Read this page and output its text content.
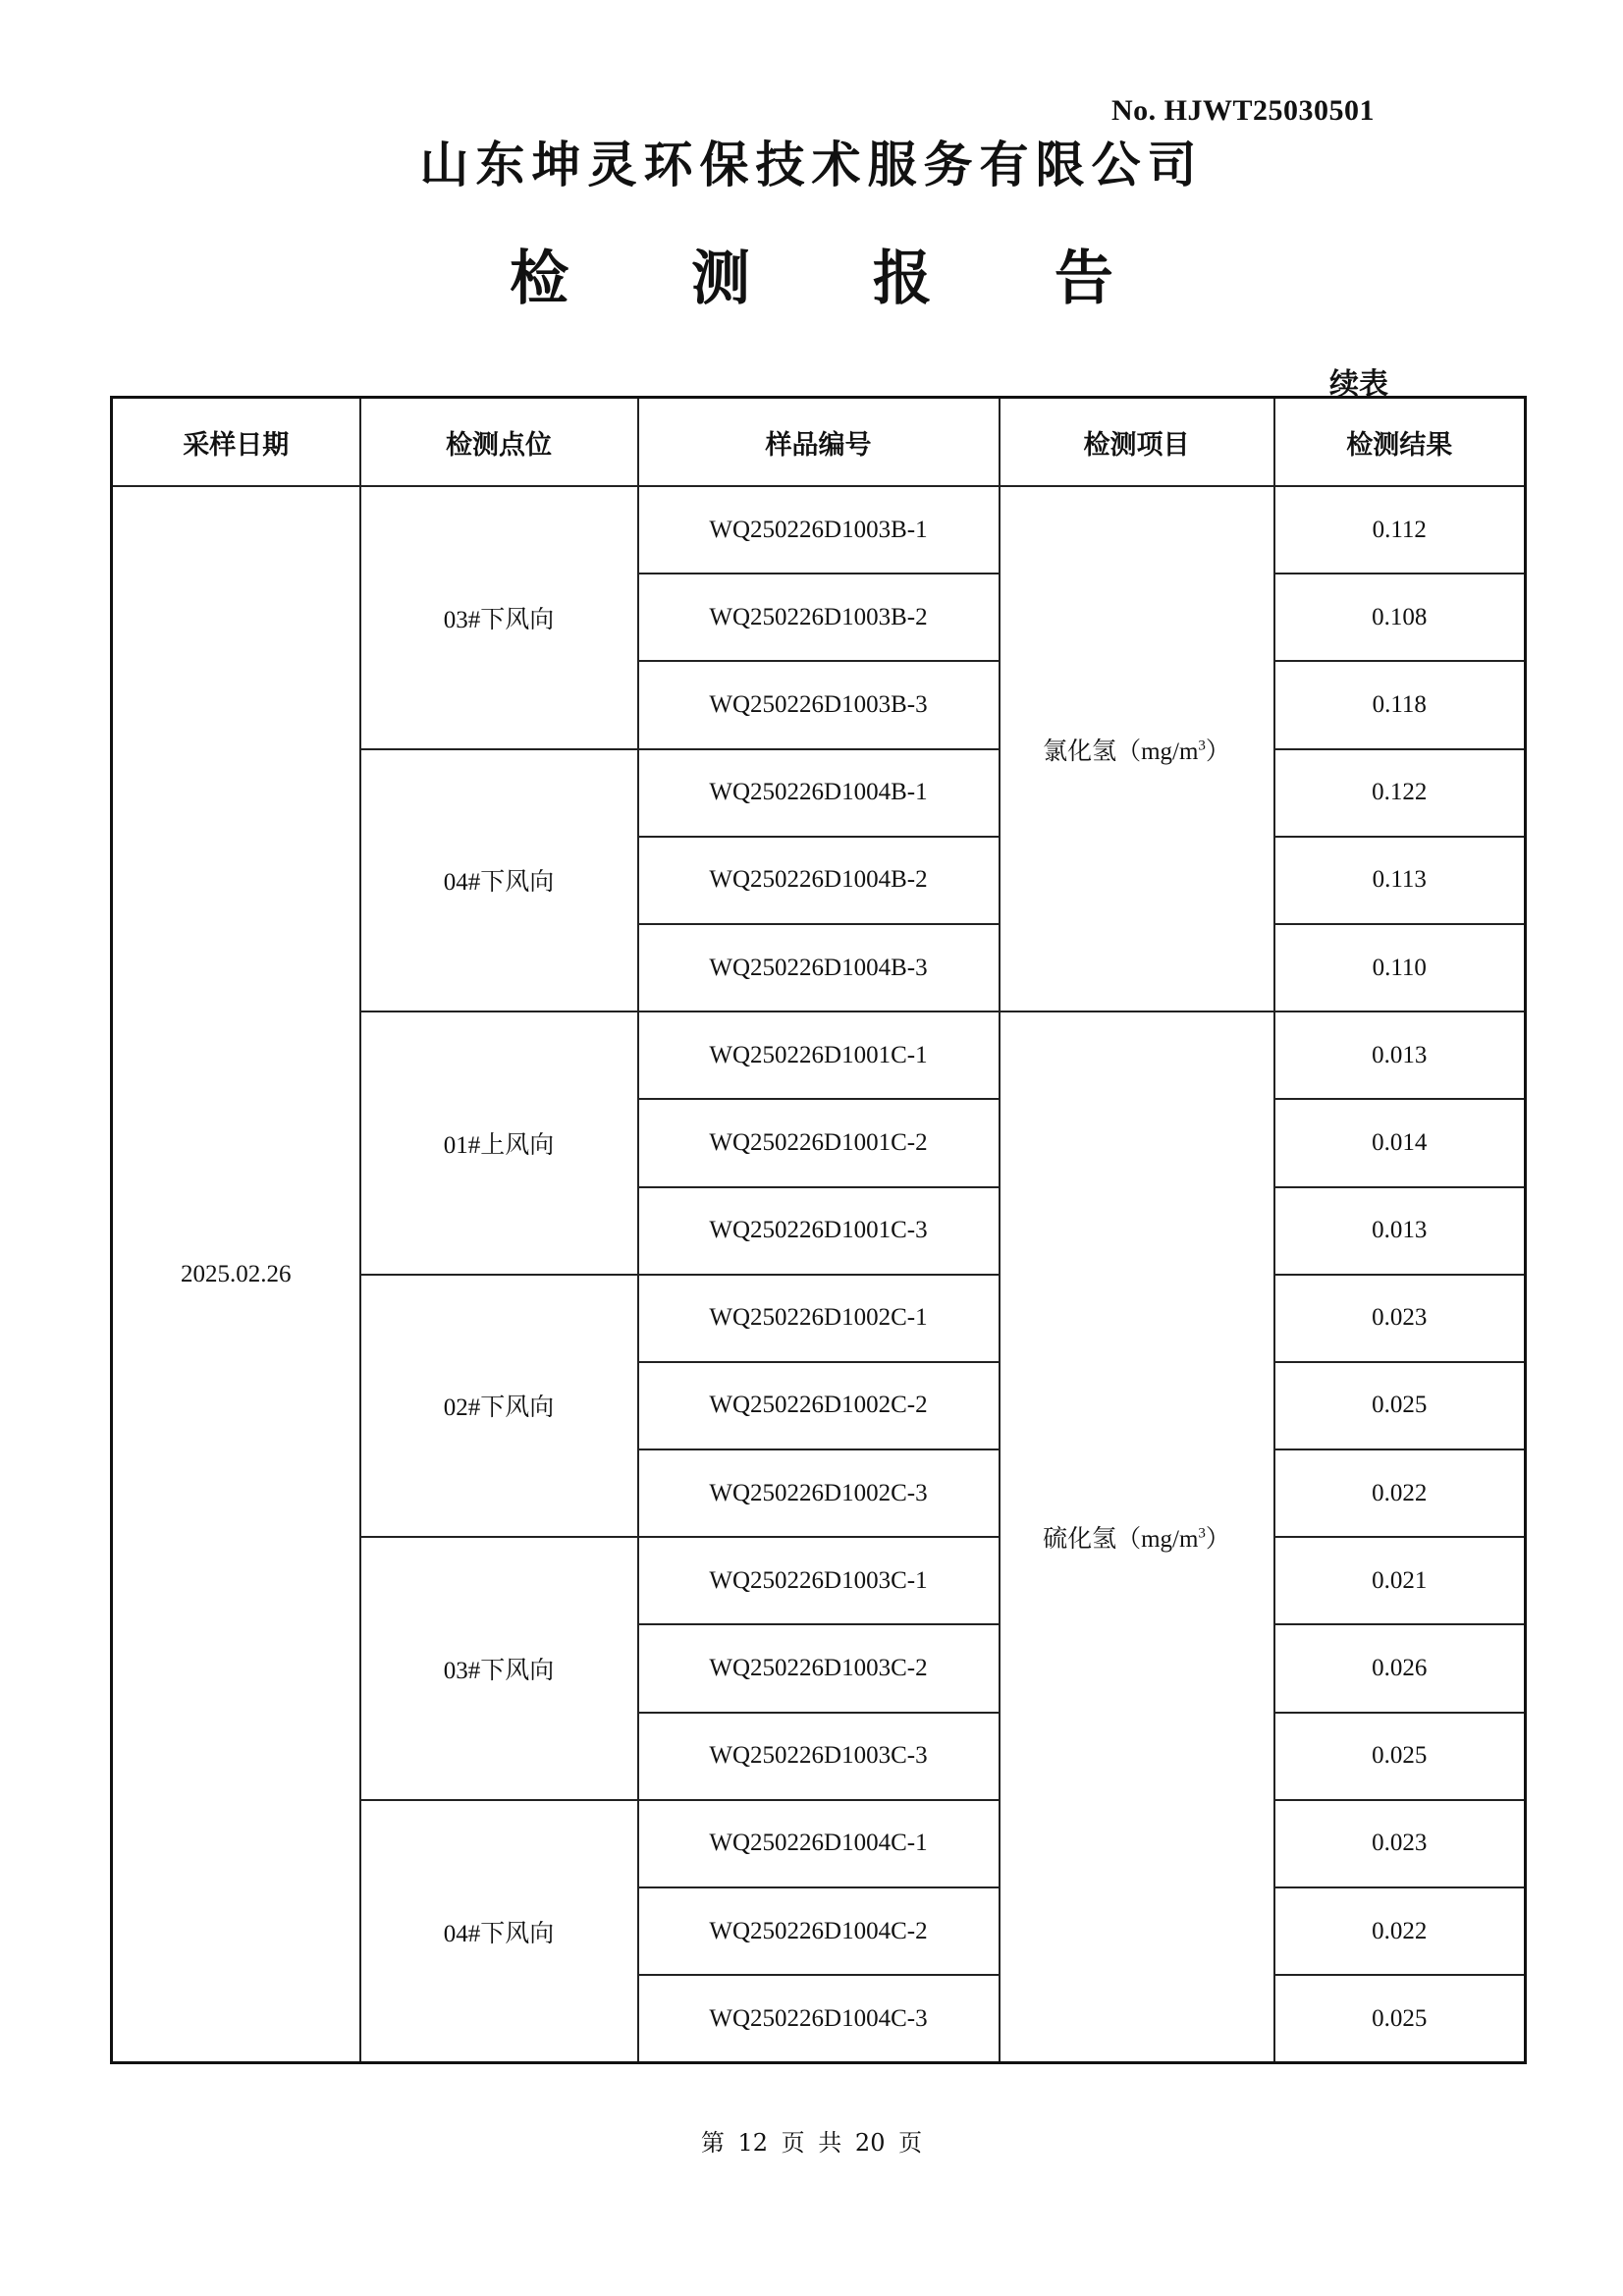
No. HJWT25030501
山东坤灵环保技术服务有限公司
检 测 报 告
续表
采样日期	检测点位	样品编号	检测项目	检测结果
2025.02.26	03#下风向	WQ250226D1003B-1	氯化氢$(mg/m^3)$	0.112
		WQ250226D1003B-2		0.108
		WQ250226D1003B-3		0.118
	04#下风向	WQ250226D1004B-1		0.122
		WQ250226D1004B-2		0.113
		WQ250226D1004B-3		0.110
	01#上风向	WQ250226D1001C-1	硫化氢$(mg/m^3)$	0.013
		WQ250226D1001C-2		0.014
		WQ250226D1001C-3		0.013
	02#下风向	WQ250226D1002C-1		0.023
		WQ250226D1002C-2		0.025
		WQ250226D1002C-3		0.022
	03#下风向	WQ250226D1003C-1		0.021
		WQ250226D1003C-2		0.026
		WQ250226D1003C-3		0.025
	04#下风向	WQ250226D1004C-1		0.023
		WQ250226D1004C-2		0.022
		WQ250226D1004C-3		0.025
第 12 页 共 20 页
